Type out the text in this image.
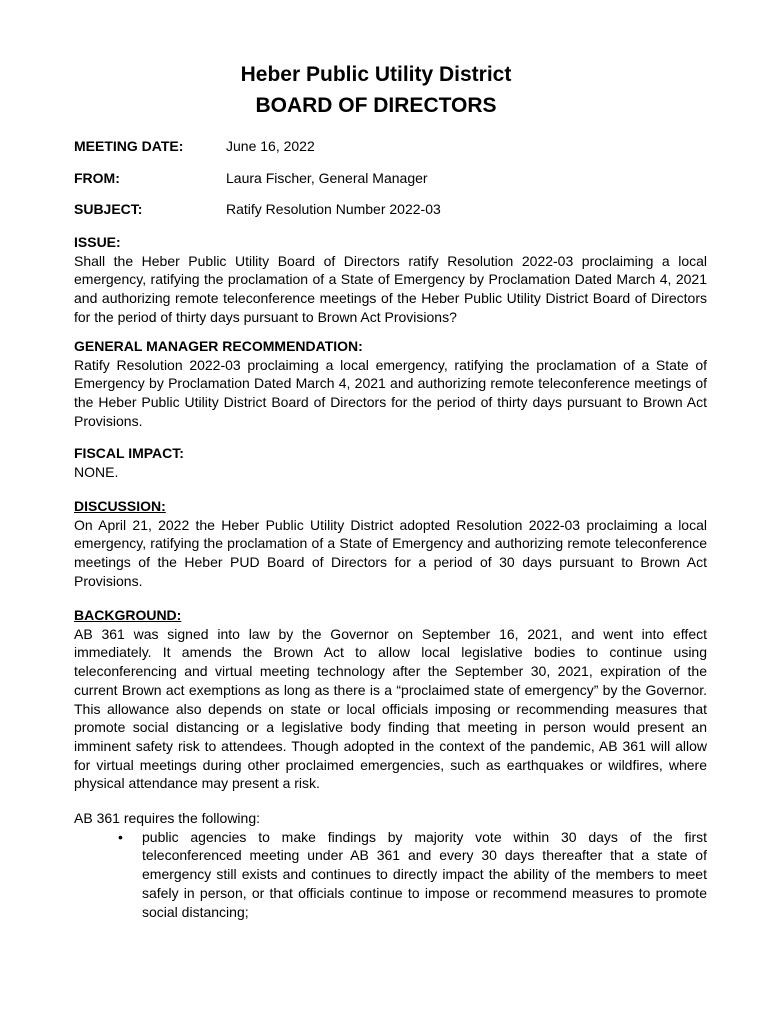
Heber Public Utility District
BOARD OF DIRECTORS
MEETING DATE:	June 16, 2022
FROM:	Laura Fischer, General Manager
SUBJECT:	Ratify Resolution Number 2022-03
ISSUE:
Shall the Heber Public Utility Board of Directors ratify Resolution 2022-03 proclaiming a local emergency, ratifying the proclamation of a State of Emergency by Proclamation Dated March 4, 2021 and authorizing remote teleconference meetings of the Heber Public Utility District Board of Directors for the period of thirty days pursuant to Brown Act Provisions?
GENERAL MANAGER RECOMMENDATION:
Ratify Resolution 2022-03 proclaiming a local emergency, ratifying the proclamation of a State of Emergency by Proclamation Dated March 4, 2021 and authorizing remote teleconference meetings of the Heber Public Utility District Board of Directors for the period of thirty days pursuant to Brown Act Provisions.
FISCAL IMPACT:
NONE.
DISCUSSION:
On April 21, 2022 the Heber Public Utility District adopted Resolution 2022-03 proclaiming a local emergency, ratifying the proclamation of a State of Emergency and authorizing remote teleconference meetings of the Heber PUD Board of Directors for a period of 30 days pursuant to Brown Act Provisions.
BACKGROUND:
AB 361 was signed into law by the Governor on September 16, 2021, and went into effect immediately. It amends the Brown Act to allow local legislative bodies to continue using teleconferencing and virtual meeting technology after the September 30, 2021, expiration of the current Brown act exemptions as long as there is a “proclaimed state of emergency” by the Governor. This allowance also depends on state or local officials imposing or recommending measures that promote social distancing or a legislative body finding that meeting in person would present an imminent safety risk to attendees. Though adopted in the context of the pandemic, AB 361 will allow for virtual meetings during other proclaimed emergencies, such as earthquakes or wildfires, where physical attendance may present a risk.
AB 361 requires the following:
• public agencies to make findings by majority vote within 30 days of the first teleconferenced meeting under AB 361 and every 30 days thereafter that a state of emergency still exists and continues to directly impact the ability of the members to meet safely in person, or that officials continue to impose or recommend measures to promote social distancing;
